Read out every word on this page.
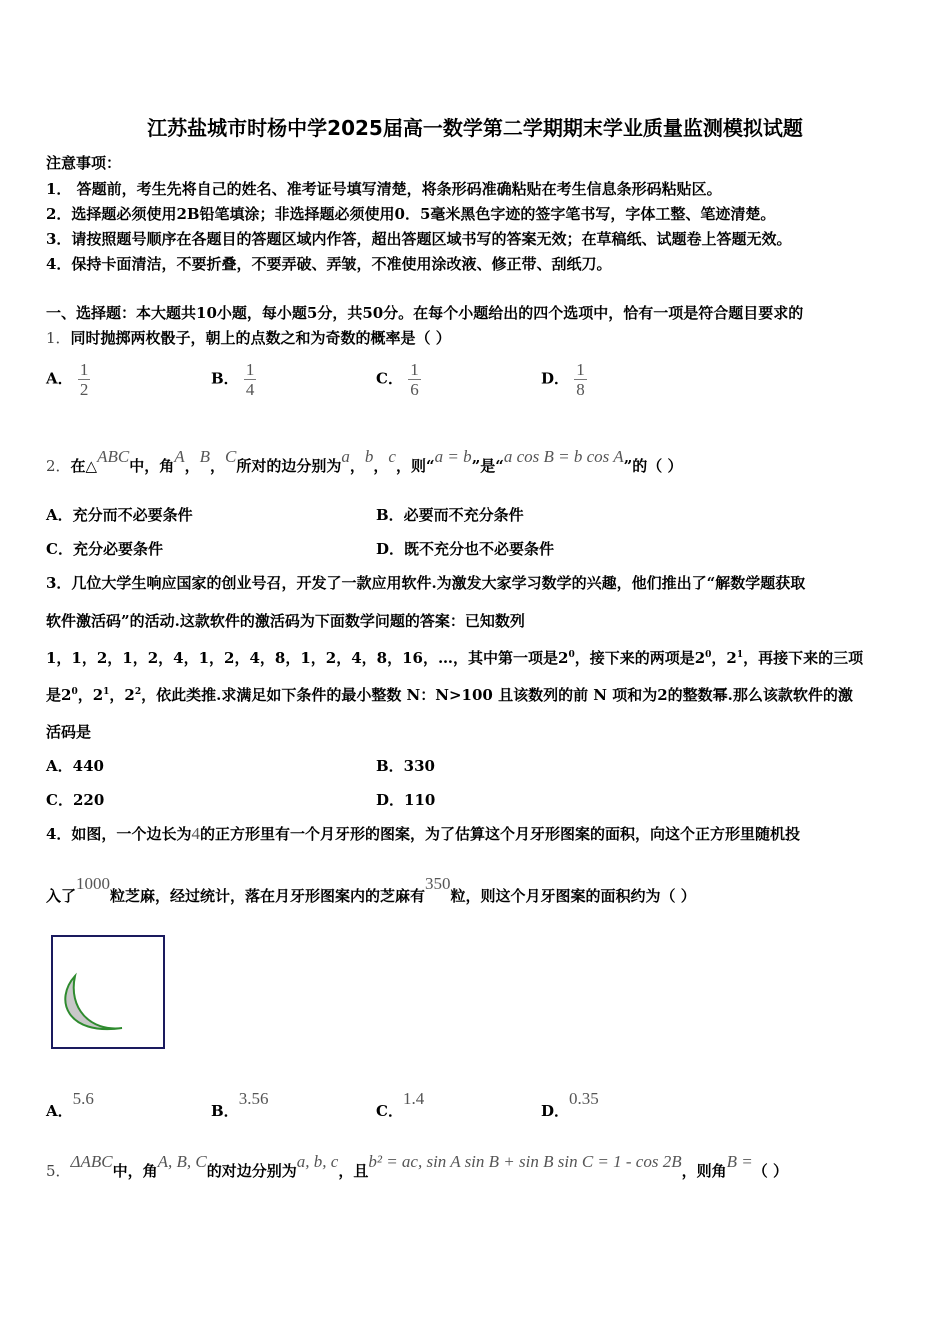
江苏盐城市时杨中学2025届高一数学第二学期期末学业质量监测模拟试题
注意事项：
1． 答题前，考生先将自己的姓名、准考证号填写清楚，将条形码准确粘贴在考生信息条形码粘贴区。
2．选择题必须使用2B铅笔填涂；非选择题必须使用0．5毫米黑色字迹的签字笔书写，字体工整、笔迹清楚。
3．请按照题号顺序在各题目的答题区域内作答，超出答题区域书写的答案无效；在草稿纸、试题卷上答题无效。
4．保持卡面清洁，不要折叠，不要弄破、弄皱，不准使用涂改液、修正带、刮纸刀。
一、选择题：本大题共10小题，每小题5分，共50分。在每个小题给出的四个选项中，恰有一项是符合题目要求的
1．同时抛掷两枚骰子，朝上的点数之和为奇数的概率是（ ）
A． $\frac{1}{2}$	B． $\frac{1}{4}$	C． $\frac{1}{6}$	D． $\frac{1}{8}$
2．在△ABC中，角A，B，C所对的边分别为a，b，c，则“a = b”是“a cos B = b cos A”的（ ）
A．充分而不必要条件	B．必要而不充分条件
C．充分必要条件	D．既不充分也不必要条件
3．几位大学生响应国家的创业号召，开发了一款应用软件.为激发大家学习数学的兴趣，他们推出了“解数学题获取
软件激活码”的活动.这款软件的激活码为下面数学问题的答案：已知数列
1，1，2，1，2，4，1，2，4，8，1，2，4，8，16，…，其中第一项是$2^0$，接下来的两项是$2^0$，$2^1$，再接下来的三项
是$2^0$，$2^1$，$2^2$，依此类推.求满足如下条件的最小整数 N：N>100 且该数列的前 N 项和为2的整数幂.那么该款软件的激
活码是
A．440	B．330
C．220	D．110
4．如图，一个边长为4的正方形里有一个月牙形的图案，为了估算这个月牙形图案的面积，向这个正方形里随机投
入了1000粒芝麻，经过统计，落在月牙形图案内的芝麻有350粒，则这个月牙图案的面积约为（ ）
A．5.6
B．3.56
C．1.4
D．0.35
5．ΔABC中，角A, B, C的对边分别为a, b, c，且b² = ac, sin A sin B + sin B sin C = 1 - cos 2B，则角B =（ ）
